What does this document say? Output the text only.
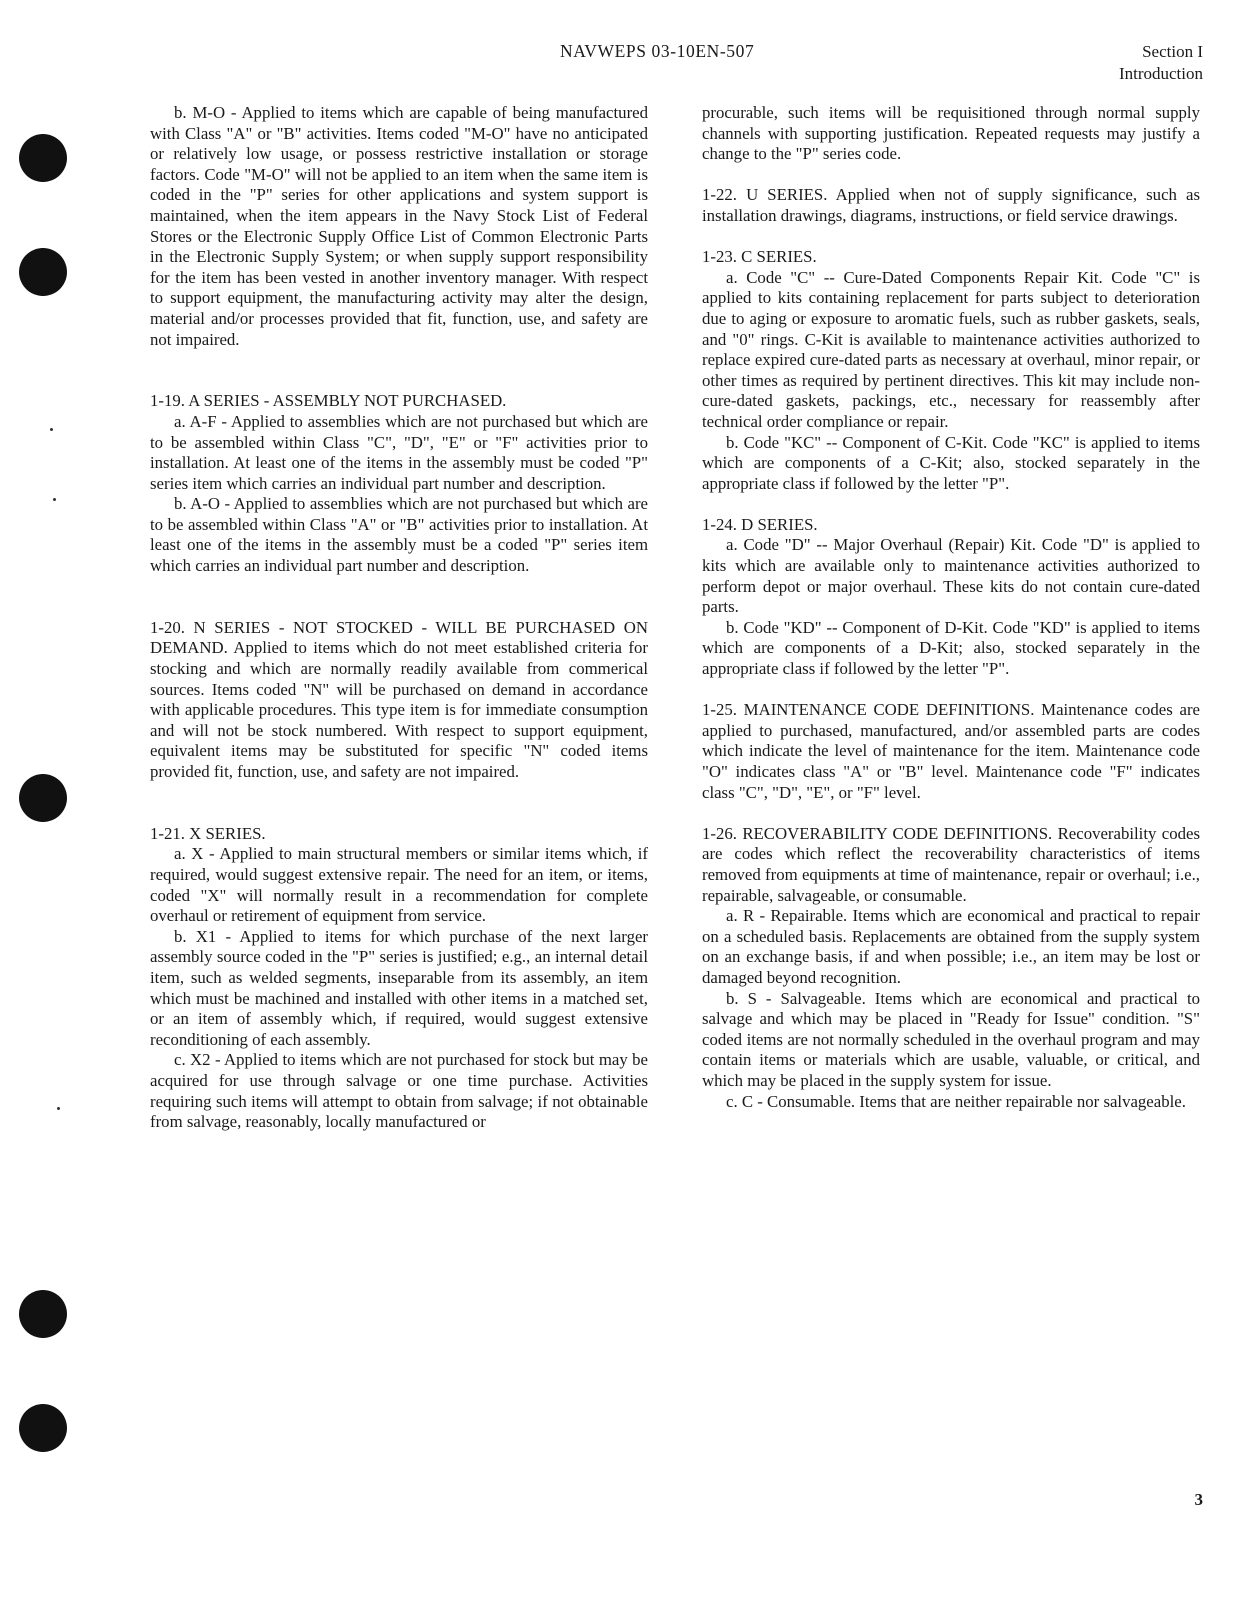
NAVWEPS 03-10EN-507	Section I
Introduction
b. M-O - Applied to items which are capable of being manufactured with Class "A" or "B" activities. Items coded "M-O" have no anticipated or relatively low usage, or possess restrictive installation or storage factors. Code "M-O" will not be applied to an item when the same item is coded in the "P" series for other applications and system support is maintained, when the item appears in the Navy Stock List of Federal Stores or the Electronic Supply Office List of Common Electronic Parts in the Electronic Supply System; or when supply support responsibility for the item has been vested in another inventory manager. With respect to support equipment, the manufacturing activity may alter the design, material and/or processes provided that fit, function, use, and safety are not impaired.
1-19. A SERIES - ASSEMBLY NOT PURCHASED.
a. A-F - Applied to assemblies which are not purchased but which are to be assembled within Class "C", "D", "E" or "F" activities prior to installation. At least one of the items in the assembly must be coded "P" series item which carries an individual part number and description.
b. A-O - Applied to assemblies which are not purchased but which are to be assembled within Class "A" or "B" activities prior to installation. At least one of the items in the assembly must be a coded "P" series item which carries an individual part number and description.
1-20. N SERIES - NOT STOCKED - WILL BE PURCHASED ON DEMAND. Applied to items which do not meet established criteria for stocking and which are normally readily available from commerical sources. Items coded "N" will be purchased on demand in accordance with applicable procedures. This type item is for immediate consumption and will not be stock numbered. With respect to support equipment, equivalent items may be substituted for specific "N" coded items provided fit, function, use, and safety are not impaired.
1-21. X SERIES.
a. X - Applied to main structural members or similar items which, if required, would suggest extensive repair. The need for an item, or items, coded "X" will normally result in a recommendation for complete overhaul or retirement of equipment from service.
b. X1 - Applied to items for which purchase of the next larger assembly source coded in the "P" series is justified; e.g., an internal detail item, such as welded segments, inseparable from its assembly, an item which must be machined and installed with other items in a matched set, or an item of assembly which, if required, would suggest extensive reconditioning of each assembly.
c. X2 - Applied to items which are not purchased for stock but may be acquired for use through salvage or one time purchase. Activities requiring such items will attempt to obtain from salvage; if not obtainable from salvage, reasonably, locally manufactured or
procurable, such items will be requisitioned through normal supply channels with supporting justification. Repeated requests may justify a change to the "P" series code.
1-22. U SERIES. Applied when not of supply significance, such as installation drawings, diagrams, instructions, or field service drawings.
1-23. C SERIES.
a. Code "C" -- Cure-Dated Components Repair Kit. Code "C" is applied to kits containing replacement for parts subject to deterioration due to aging or exposure to aromatic fuels, such as rubber gaskets, seals, and "0" rings. C-Kit is available to maintenance activities authorized to replace expired cure-dated parts as necessary at overhaul, minor repair, or other times as required by pertinent directives. This kit may include non-cure-dated gaskets, packings, etc., necessary for reassembly after technical order compliance or repair.
b. Code "KC" -- Component of C-Kit. Code "KC" is applied to items which are components of a C-Kit; also, stocked separately in the appropriate class if followed by the letter "P".
1-24. D SERIES.
a. Code "D" -- Major Overhaul (Repair) Kit. Code "D" is applied to kits which are available only to maintenance activities authorized to perform depot or major overhaul. These kits do not contain cure-dated parts.
b. Code "KD" -- Component of D-Kit. Code "KD" is applied to items which are components of a D-Kit; also, stocked separately in the appropriate class if followed by the letter "P".
1-25. MAINTENANCE CODE DEFINITIONS. Maintenance codes are applied to purchased, manufactured, and/or assembled parts are codes which indicate the level of maintenance for the item. Maintenance code "O" indicates class "A" or "B" level. Maintenance code "F" indicates class "C", "D", "E", or "F" level.
1-26. RECOVERABILITY CODE DEFINITIONS. Recoverability codes are codes which reflect the recoverability characteristics of items removed from equipments at time of maintenance, repair or overhaul; i.e., repairable, salvageable, or consumable.
a. R - Repairable. Items which are economical and practical to repair on a scheduled basis. Replacements are obtained from the supply system on an exchange basis, if and when possible; i.e., an item may be lost or damaged beyond recognition.
b. S - Salvageable. Items which are economical and practical to salvage and which may be placed in "Ready for Issue" condition. "S" coded items are not normally scheduled in the overhaul program and may contain items or materials which are usable, valuable, or critical, and which may be placed in the supply system for issue.
c. C - Consumable. Items that are neither repairable nor salvageable.
3
